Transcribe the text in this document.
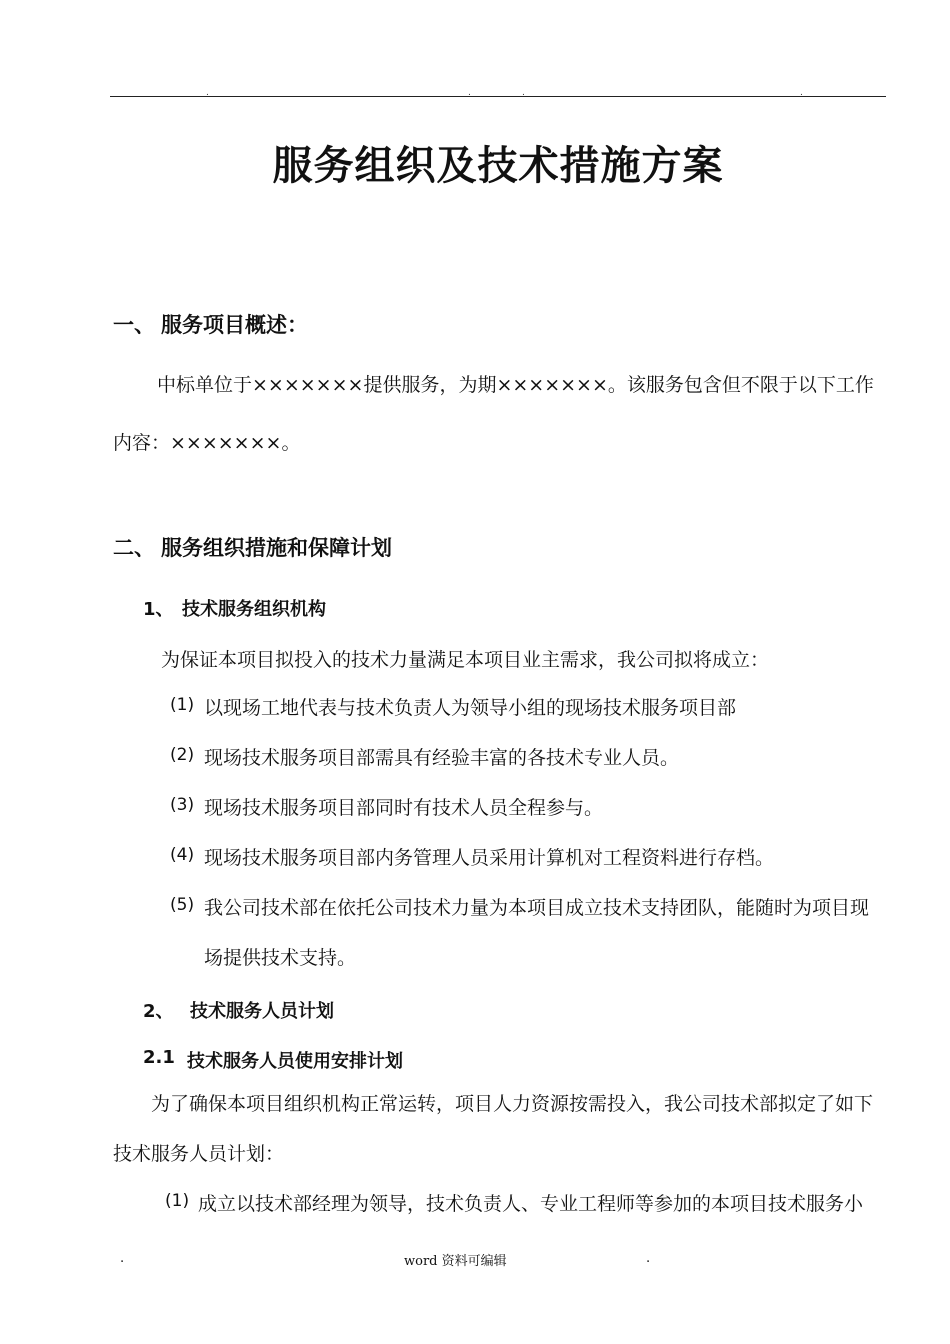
.	.	.	.
服务组织及技术措施方案
一、 服务项目概述：
中标单位于×××××××提供服务，为期×××××××。该服务包含但不限于以下工作
内容：×××××××。
二、 服务组织措施和保障计划
1、 技术服务组织机构
为保证本项目拟投入的技术力量满足本项目业主需求，我公司拟将成立：
(1) 以现场工地代表与技术负责人为领导小组的现场技术服务项目部
(2) 现场技术服务项目部需具有经验丰富的各技术专业人员。
(3) 现场技术服务项目部同时有技术人员全程参与。
(4) 现场技术服务项目部内务管理人员采用计算机对工程资料进行存档。
(5) 我公司技术部在依托公司技术力量为本项目成立技术支持团队，能随时为项目现
场提供技术支持。
2、 技术服务人员计划
2.1 技术服务人员使用安排计划
为了确保本项目组织机构正常运转，项目人力资源按需投入，我公司技术部拟定了如下
技术服务人员计划：
(1) 成立以技术部经理为领导，技术负责人、专业工程师等参加的本项目技术服务小
.	word 资料可编辑	.
